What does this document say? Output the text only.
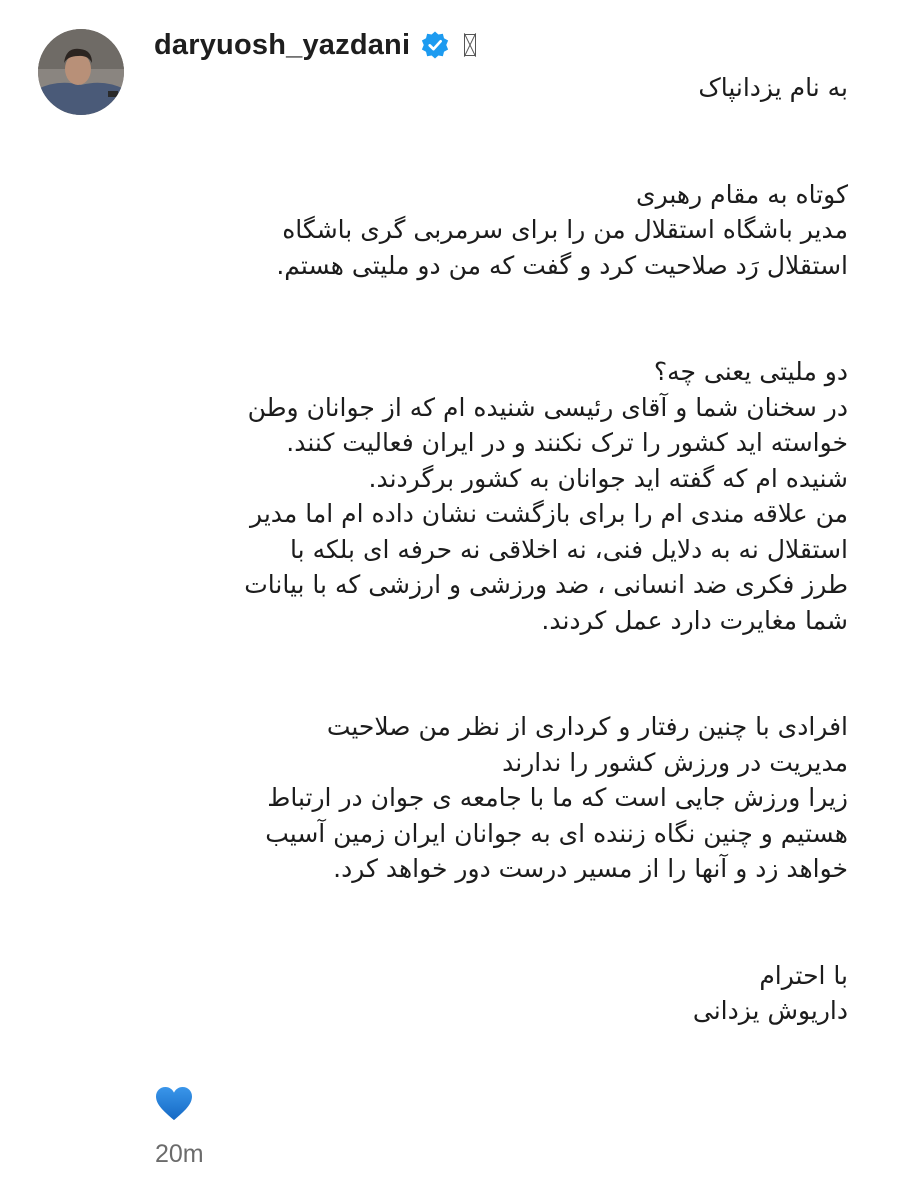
daryuosh_yazdani
به نام یزدانپاک
کوتاه به مقام رهبری
مدیر باشگاه استقلال من را برای سرمربی گری باشگاه
استقلال رَد صلاحیت کرد و گفت که من دو ملیتی هستم.
دو ملیتی یعنی چه؟
در سخنان شما و آقای رئیسی شنیده ام که از جوانان وطن
خواسته اید کشور را ترک نکنند و در ایران فعالیت کنند.
شنیده ام که گفته اید جوانان به کشور برگردند.
من علاقه مندی ام را برای بازگشت نشان داده ام اما مدیر
استقلال نه به دلایل فنی، نه اخلاقی نه حرفه ای بلکه با
طرز فکری ضد انسانی ، ضد ورزشی و ارزشی که با بیانات
شما مغایرت دارد عمل کردند.
افرادی با چنین رفتار و کرداری از نظر من صلاحیت
مدیریت در ورزش کشور را ندارند
زیرا ورزش جایی است که ما با جامعه ی جوان در ارتباط
هستیم و چنین نگاه زننده ای به جوانان ایران زمین آسیب
خواهد زد و آنها را از مسیر درست دور خواهد کرد.
با احترام
داریوش یزدانی
20m
